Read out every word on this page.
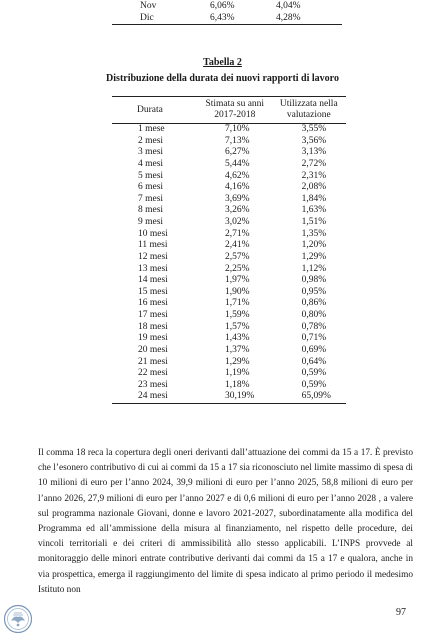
Nov	6,06%	4,04%
Dic	6,43%	4,28%
Tabella 2
Distribuzione della durata dei nuovi rapporti di lavoro
Durata	Stimata su anni 2017-2018	Utilizzata nella valutazione
1 mese	7,10%	3,55%
2 mesi	7,13%	3,56%
3 mesi	6,27%	3,13%
4 mesi	5,44%	2,72%
5 mesi	4,62%	2,31%
6 mesi	4,16%	2,08%
7 mesi	3,69%	1,84%
8 mesi	3,26%	1,63%
9 mesi	3,02%	1,51%
10 mesi	2,71%	1,35%
11 mesi	2,41%	1,20%
12 mesi	2,57%	1,29%
13 mesi	2,25%	1,12%
14 mesi	1,97%	0,98%
15 mesi	1,90%	0,95%
16 mesi	1,71%	0,86%
17 mesi	1,59%	0,80%
18 mesi	1,57%	0,78%
19 mesi	1,43%	0,71%
20 mesi	1,37%	0,69%
21 mesi	1,29%	0,64%
22 mesi	1,19%	0,59%
23 mesi	1,18%	0,59%
24 mesi	30,19%	65,09%

Il comma 18 reca la copertura degli oneri derivanti dall’attuazione dei commi da 15 a 17. È previsto che l’esonero contributivo di cui ai commi da 15 a 17 sia riconosciuto nel limite massimo di spesa di 10 milioni di euro per l’anno 2024, 39,9 milioni di euro per l’anno 2025, 58,8 milioni di euro per l’anno 2026, 27,9 milioni di euro per l’anno 2027 e di 0,6 milioni di euro per l’anno 2028 , a valere sul programma nazionale Giovani, donne e lavoro 2021-2027, subordinatamente alla modifica del Programma ed all’ammissione della misura al finanziamento, nel rispetto delle procedure, dei vincoli territoriali e dei criteri di ammissibilità allo stesso applicabili. L’INPS provvede al monitoraggio delle minori entrate contributive derivanti dai commi da 15 a 17 e qualora, anche in via prospettica, emerga il raggiungimento del limite di spesa indicato al primo periodo il medesimo Istituto non

97
